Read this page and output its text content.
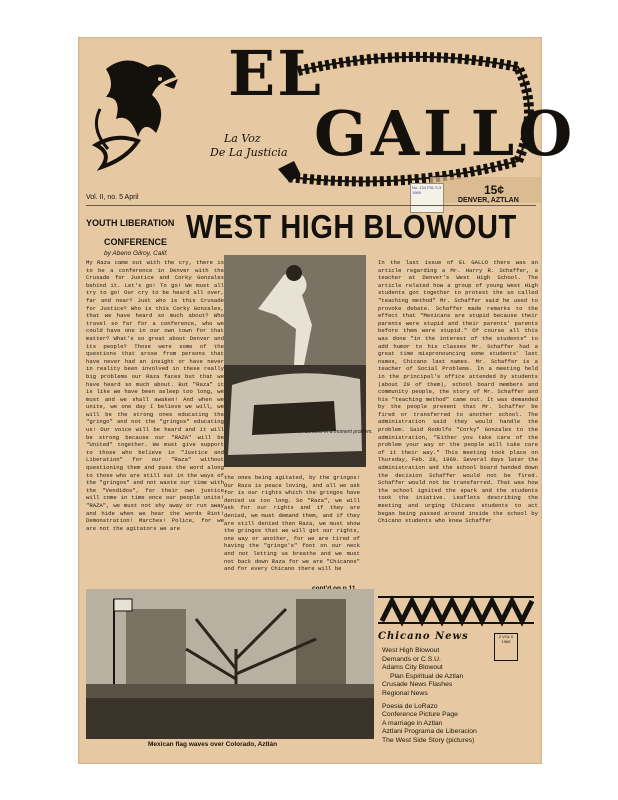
EL
La Voz
De La Justicia GALLO
Vol. II, no. 5 April
No. 134 F51 S.3 1969	15¢
DENVER, AZTLAN
YOUTH LIBERATION
CONFERENCE
by Abeno Gilroy, Calif.
WEST HIGH BLOWOUT
My Raza came out with the cry, there is to be a conference in Denver with the Crusade for Justice and Corky Gonzales behind it. Let's go! To go! We must all try to go! Our cry to be heard all over, far and near? Just who is this Crusade for Justice? Who is this Corky Gonzales, that we have heard so much about? Who travel so far for a conference, who we could have one in our own town for that matter? What's so great about Denver and its people? Those were some of the questions that arose from persons that have never had an insight or have never in reality been involved in these really big problems our Raza faces but that we have heard so much about. But "Raza" it is like we have been asleep too long, we must and we shall awaken! And when we unite, we one day I believe we will, we will be the strong ones educating the "gringo" and not the "gringos" educating us! Our voice will be heard and it will be strong because our "RAZA" will be "United" together. We must give support to those who believe in "Justice and Liberation" for our "Raza" without questioning them and pass the word along to those who are still sat in the ways of the "gringos" and not waste our time with the "Vendidos", for their own justice will come in time once our people unite! "RAZA", we must not shy away or run away and hide when we hear the words Riot! Demonstration! Marches! Police, for we are not the agitators we are
Mr. Schaffer in a moment problem.
the ones being agitated, by the gringos! Our Raza is peace loving, and all we ask for is our rights which the gringos have denied us too long. So "Raza", we will ask for our rights and if they are denied, we must demand them, and if they are still denied then Raza, we must show the gringos that we will get our rights, one way or another, for we are tired of having the "gringo's" foot on our neck and not letting us breathe and we must not back down Raza for we are "Chicanos" and for every Chicano there will be
In the last issue of EL GALLO there was an article regarding a Mr. Harry R. Schaffer, a teacher at Denver's West High School. The article related how a group of young West High students got together to protest the so called "teaching method" Mr. Schaffer said he used to provoke debate. Schaffer made remarks to the effect that "Mexicans are stupid because their parents were stupid and their parents' parents before them were stupid." Of course all this was done "in the interest of the students" to add humor to his classes Mr. Schaffer had a great time mispronouncing some students' last names, Chicano last names. Mr. Schaffer is a teacher of Social Problems. In a meeting held in the principal's office attended by students (about 20 of them), school board members and community people, the story of Mr. Schaffer and his "teaching method" came out. It was demanded by the people present that Mr. Schaffer be fired or transferred to another school. The administration said they would handle the problem. Said Rodolfo "Corky" Gonzales to the administration, "Either you take care of the problem your way or the people will take care of it their way." This meeting took place on Thursday, Feb. 28, 1969. Several days later the administration and the school board handed down the decision Schaffer would not be fired. Schaffer would not be transferred. That was how the school ignited the spark and the students took the iniative. Leaflets describing the meeting and urging Chicano students to act began being passed around inside the school by Chicano students who knew Schaffer
Mexican flag waves over Colorado, Aztlán
Chicano News	2 VOL II 1969
West High Blowout
Demands or C.S.U.
Adams City Blowout
Plan Espiritual de Aztlan
Crusade News Flashes
Regional News
Poesia de LoRazo
Conference Picture Page
A marriage in Aztlan
Aztlani Programa de Liberacion
The West Side Story (pictures)
